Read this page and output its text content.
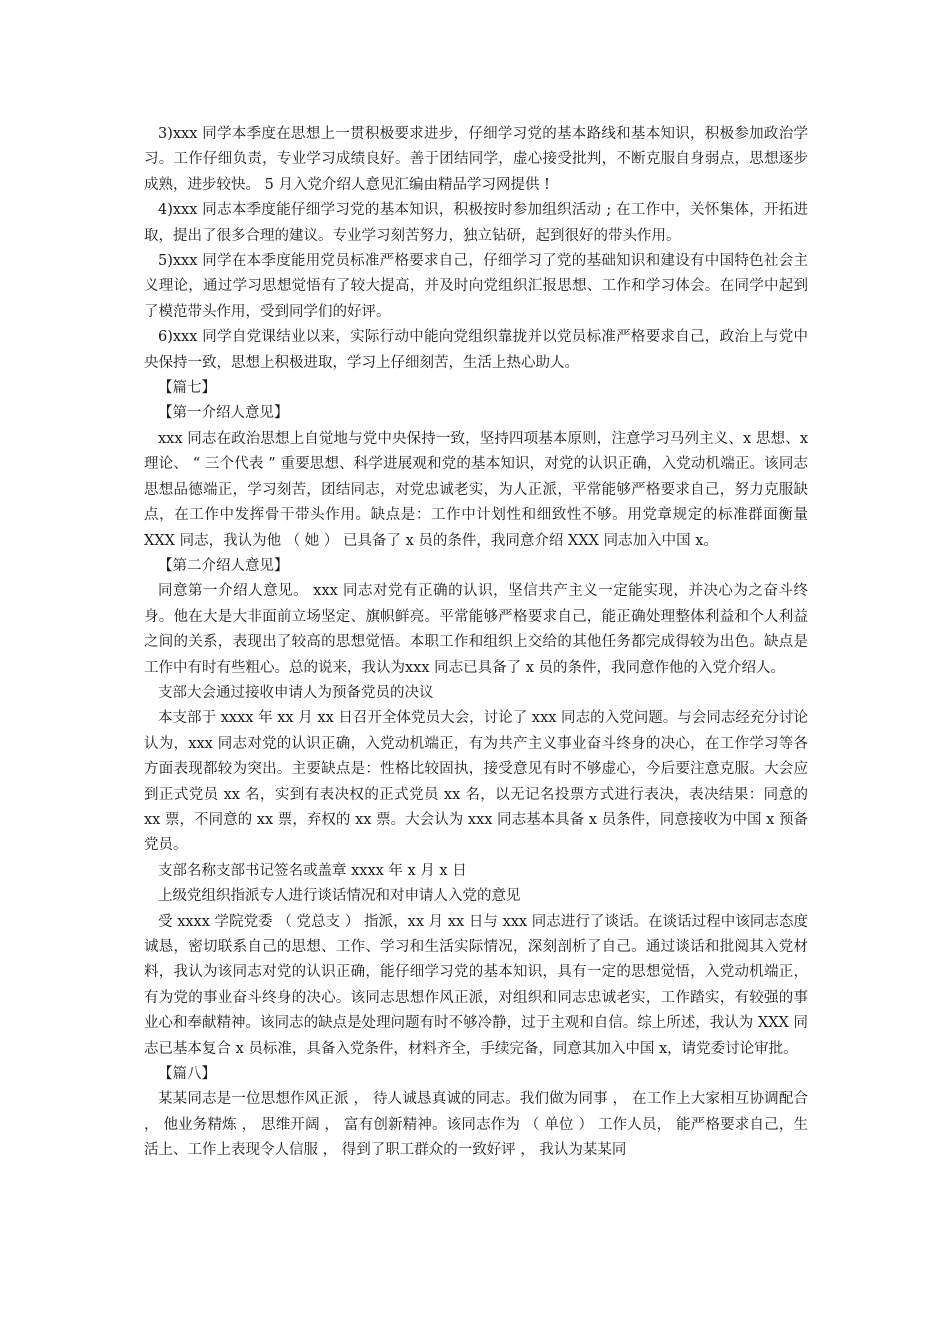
3)xxx 同学本季度在思想上一贯积极要求进步，仔细学习党的基本路线和基本知识，积极参加政治学习。工作仔细负责，专业学习成绩良好。善于团结同学，虚心接受批判，不断克服自身弱点，思想逐步成熟，进步较快。 5 月入党介绍人意见汇编由精品学习网提供 !

4)xxx 同志本季度能仔细学习党的基本知识，积极按时参加组织活动 ; 在工作中，关怀集体，开拓进取，提出了很多合理的建议。专业学习刻苦努力，独立钻研，起到很好的带头作用。

5)xxx 同学在本季度能用党员标准严格要求自己，仔细学习了党的基础知识和建设有中国特色社会主义理论，通过学习思想觉悟有了较大提高，并及时向党组织汇报思想、工作和学习体会。在同学中起到了模范带头作用，受到同学们的好评。

6)xxx 同学自党课结业以来，实际行动中能向党组织靠拢并以党员标准严格要求自己，政治上与党中央保持一致，思想上积极进取，学习上仔细刻苦，生活上热心助人。

【篇七】

【第一介绍人意见】

xxx 同志在政治思想上自觉地与党中央保持一致，坚持四项基本原则，注意学习马列主义、x 思想、x 理论、 “ 三个代表 ” 重要思想、科学进展观和党的基本知识，对党的认识正确，入党动机端正。该同志思想品德端正，学习刻苦，团结同志，对党忠诚老实，为人正派，平常能够严格要求自己，努力克服缺点，在工作中发挥骨干带头作用。缺点是：工作中计划性和细致性不够。用党章规定的标准群面衡量 XXX 同志，我认为他 （ 她 ） 已具备了 x 员的条件，我同意介绍 XXX 同志加入中国 x。

【第二介绍人意见】

同意第一介绍人意见。 xxx 同志对党有正确的认识，坚信共产主义一定能实现，并决心为之奋斗终身。他在大是大非面前立场坚定、旗帜鲜亮。平常能够严格要求自己，能正确处理整体利益和个人利益之间的关系，表现出了较高的思想觉悟。本职工作和组织上交给的其他任务都完成得较为出色。缺点是工作中有时有些粗心。总的说来，我认为xxx 同志已具备了 x 员的条件，我同意作他的入党介绍人。

支部大会通过接收申请人为预备党员的决议

本支部于 xxxx 年 xx 月 xx 日召开全体党员大会，讨论了 xxx 同志的入党问题。与会同志经充分讨论认为，xxx 同志对党的认识正确，入党动机端正，有为共产主义事业奋斗终身的决心，在工作学习等各方面表现都较为突出。主要缺点是：性格比较固执，接受意见有时不够虚心，今后要注意克服。大会应到正式党员 xx 名，实到有表决权的正式党员 xx 名，以无记名投票方式进行表决，表决结果：同意的 xx 票，不同意的 xx 票，弃权的 xx 票。大会认为 xxx 同志基本具备 x 员条件，同意接收为中国 x 预备党员。

支部名称支部书记签名或盖章 xxxx 年 x 月 x 日

上级党组织指派专人进行谈话情况和对申请人入党的意见

受 xxxx 学院党委 （ 党总支 ） 指派，xx 月 xx 日与 xxx 同志进行了谈话。在谈话过程中该同志态度诚恳，密切联系自己的思想、工作、学习和生活实际情况，深刻剖析了自己。通过谈话和批阅其入党材料，我认为该同志对党的认识正确，能仔细学习党的基本知识，具有一定的思想觉悟，入党动机端正，有为党的事业奋斗终身的决心。该同志思想作风正派，对组织和同志忠诚老实，工作踏实，有较强的事业心和奉献精神。该同志的缺点是处理问题有时不够冷静，过于主观和自信。综上所述，我认为 XXX 同志已基本复合 x 员标准，具备入党条件，材料齐全，手续完备，同意其加入中国 x，请党委讨论审批。

【篇八】

某某同志是一位思想作风正派 ， 待人诚恳真诚的同志。我们做为同事 ， 在工作上大家相互协调配合 ， 他业务精炼 ， 思维开阔 ， 富有创新精神。该同志作为 （ 单位 ） 工作人员， 能严格要求自己，生活上、工作上表现令人信服 ， 得到了职工群众的一致好评 ， 我认为某某同
